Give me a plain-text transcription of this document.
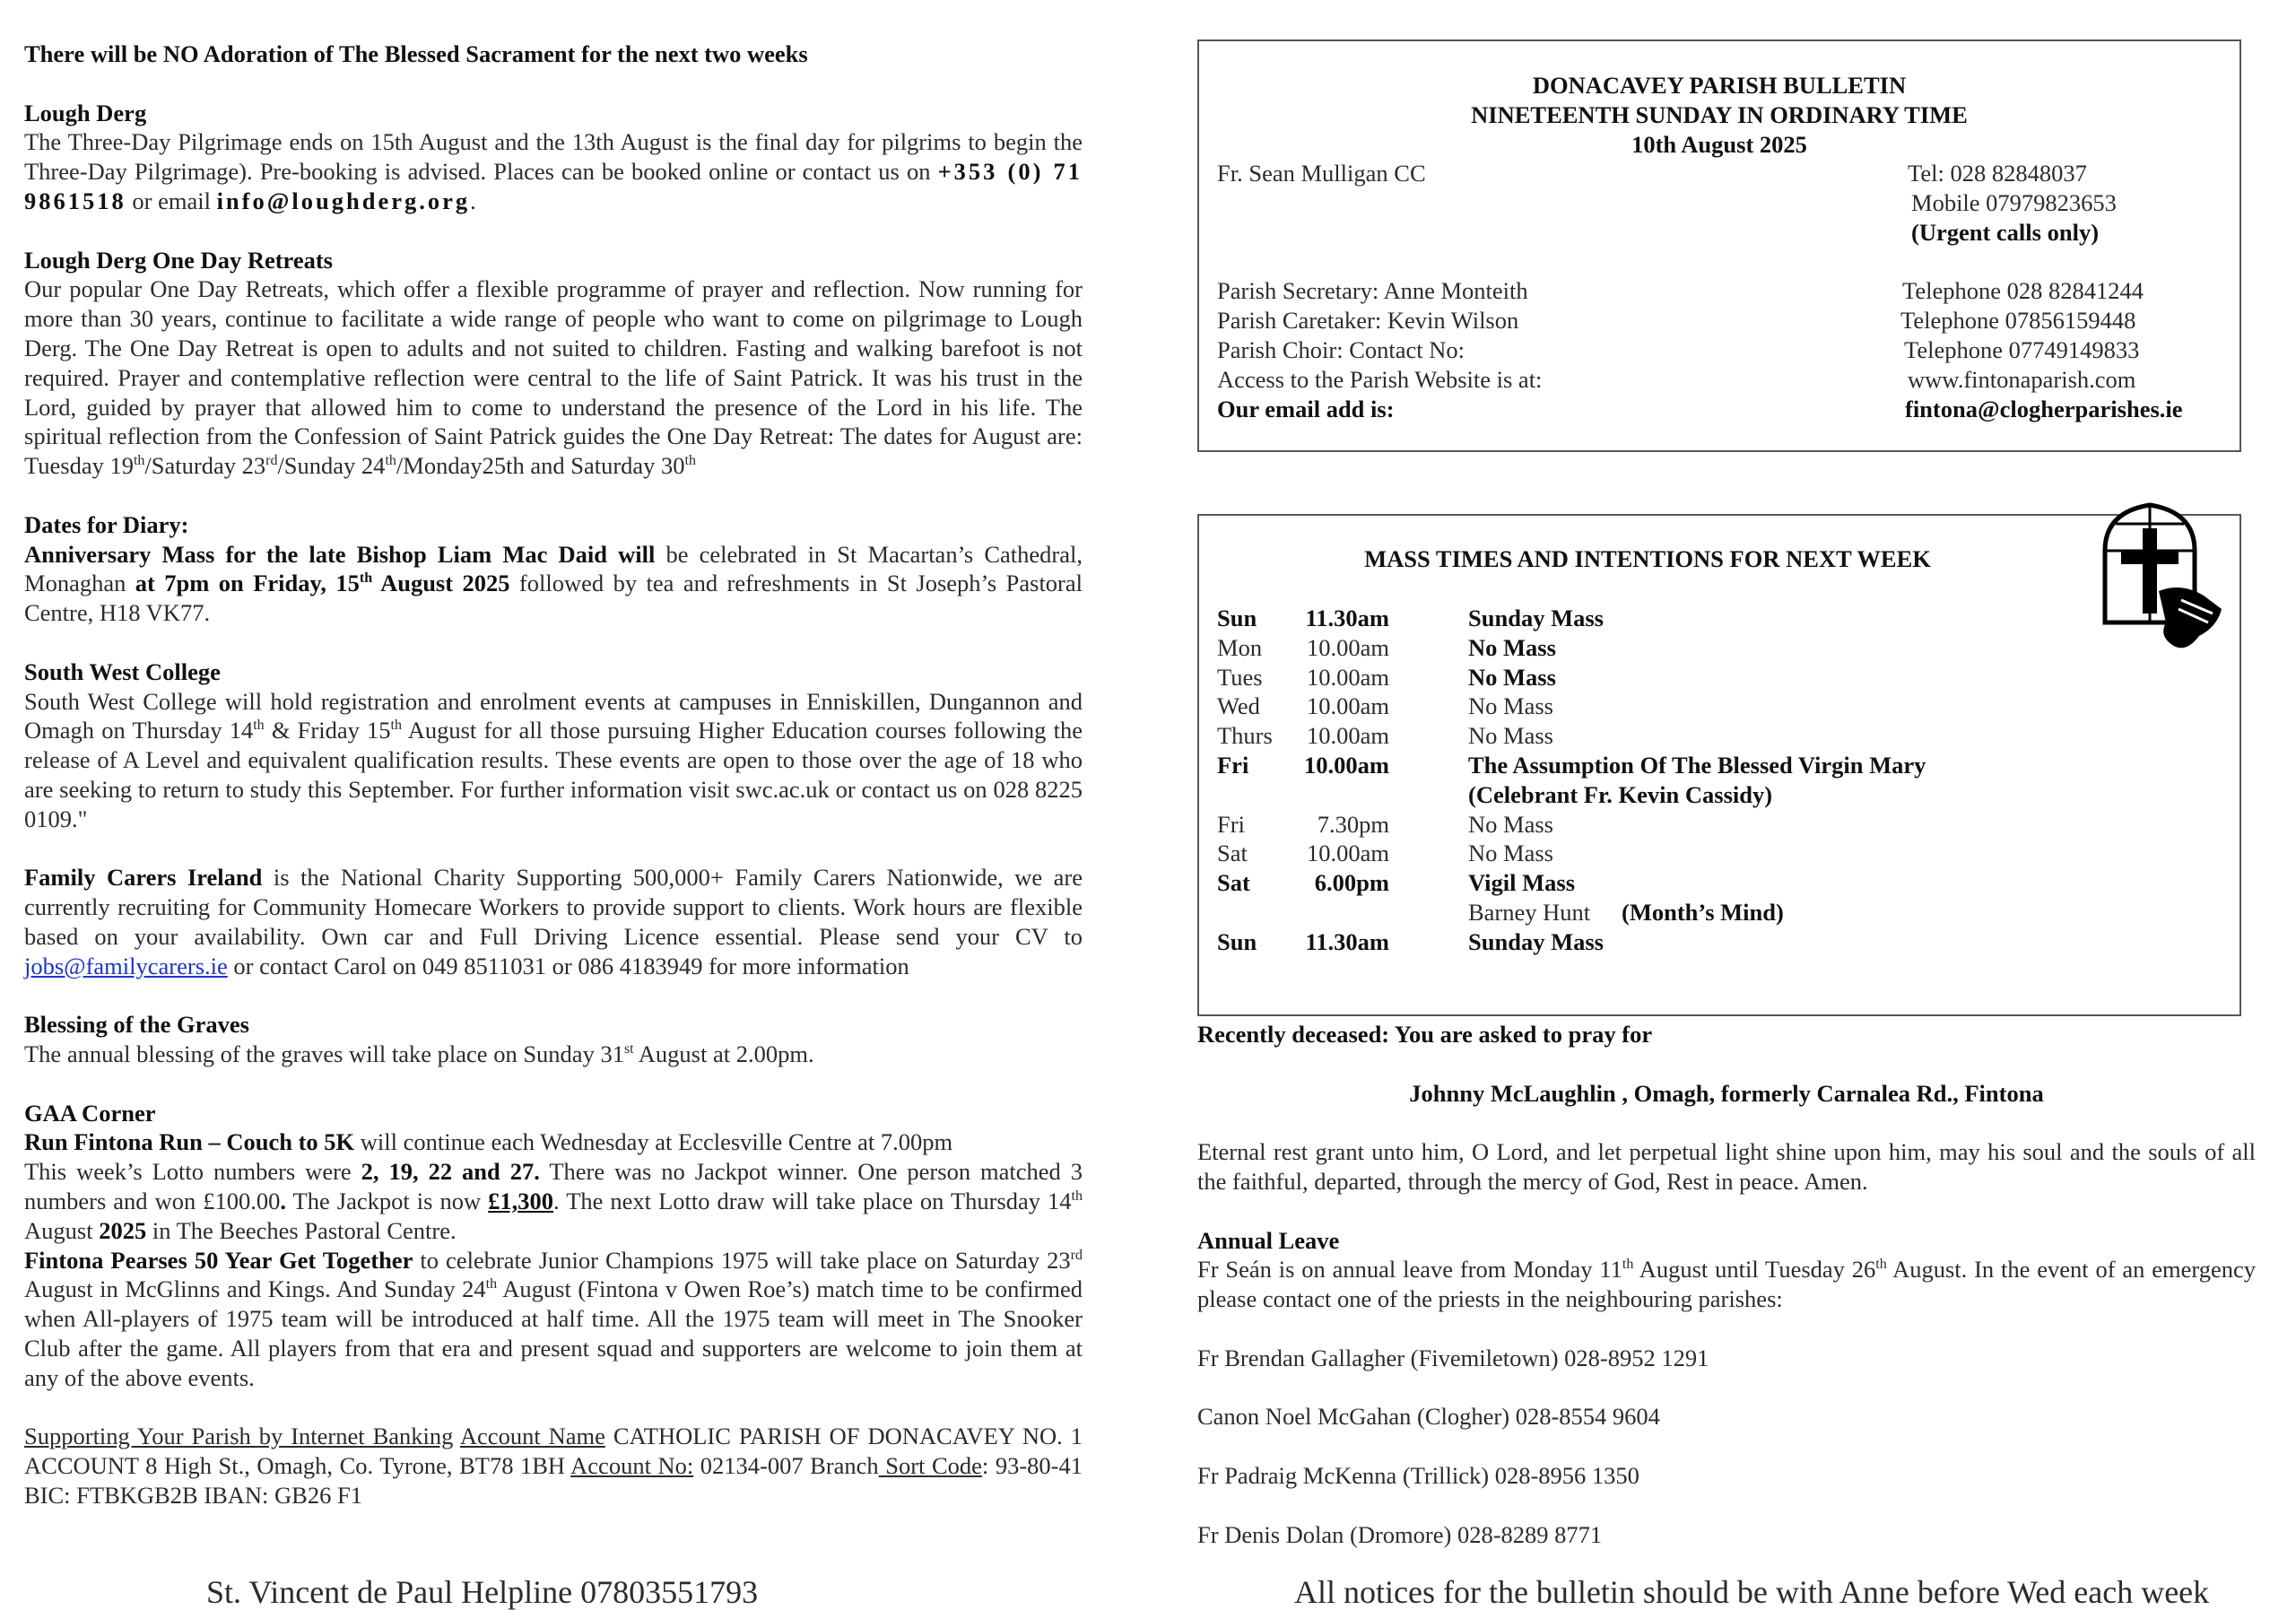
There will be NO Adoration of The Blessed Sacrament for the next two weeks

Lough Derg

The Three-Day Pilgrimage ends on 15th August and the 13th August is the final day for pilgrims to begin the Three-Day Pilgrimage). Pre-booking is advised. Places can be booked online or contact us on +353 (0) 71 9861518 or email info@loughderg.org.

Lough Derg One Day Retreats

Our popular One Day Retreats, which offer a flexible programme of prayer and reflection. Now running for more than 30 years, continue to facilitate a wide range of people who want to come on pilgrimage to Lough Derg. The One Day Retreat is open to adults and not suited to children. Fasting and walking barefoot is not required. Prayer and contemplative reflection were central to the life of Saint Patrick. It was his trust in the Lord, guided by prayer that allowed him to come to understand the presence of the Lord in his life. The spiritual reflection from the Confession of Saint Patrick guides the One Day Retreat: The dates for August are: Tuesday 19th/Saturday 23rd/Sunday 24th/Monday25th and Saturday 30th

Dates for Diary:

Anniversary Mass for the late Bishop Liam Mac Daid will be celebrated in St Macartan’s Cathedral, Monaghan at 7pm on Friday, 15th August 2025 followed by tea and refreshments in St Joseph’s Pastoral Centre, H18 VK77.

South West College

South West College will hold registration and enrolment events at campuses in Enniskillen, Dungannon and Omagh on Thursday 14th & Friday 15th August for all those pursuing Higher Education courses following the release of A Level and equivalent qualification results. These events are open to those over the age of 18 who are seeking to return to study this September. For further information visit swc.ac.uk or contact us on 028 8225 0109."

Family Carers Ireland is the National Charity Supporting 500,000+ Family Carers Nationwide, we are currently recruiting for Community Homecare Workers to provide support to clients. Work hours are flexible based on your availability. Own car and Full Driving Licence essential. Please send your CV to jobs@familycarers.ie or contact Carol on 049 8511031 or 086 4183949 for more information

Blessing of the Graves

The annual blessing of the graves will take place on Sunday 31st August at 2.00pm.

GAA Corner

Run Fintona Run – Couch to 5K will continue each Wednesday at Ecclesville Centre at 7.00pm

This week’s Lotto numbers were 2, 19, 22 and 27. There was no Jackpot winner. One person matched 3 numbers and won £100.00. The Jackpot is now £1,300. The next Lotto draw will take place on Thursday 14th August 2025 in The Beeches Pastoral Centre.

Fintona Pearses 50 Year Get Together to celebrate Junior Champions 1975 will take place on Saturday 23rd August in McGlinns and Kings. And Sunday 24th August (Fintona v Owen Roe’s) match time to be confirmed when All-players of 1975 team will be introduced at half time. All the 1975 team will meet in The Snooker Club after the game. All players from that era and present squad and supporters are welcome to join them at any of the above events.

Supporting Your Parish by Internet Banking Account Name CATHOLIC PARISH OF DONACAVEY NO. 1 ACCOUNT 8 High St., Omagh, Co. Tyrone, BT78 1BH Account No: 02134-007 Branch Sort Code: 93-80-41 BIC: FTBKGB2B IBAN: GB26 F1

St. Vincent de Paul Helpline 07803551793
DONACAVEY PARISH BULLETIN
NINETEENTH SUNDAY IN ORDINARY TIME
10th August 2025
Fr. Sean Mulligan CC	Tel: 028 82848037
Mobile 07979823653
(Urgent calls only)
Parish Secretary: Anne Monteith	Telephone 028 82841244
Parish Caretaker: Kevin Wilson	Telephone 07856159448
Parish Choir: Contact No:	Telephone 07749149833
Access to the Parish Website is at:	www.fintonaparish.com
Our email add is:	fintona@clogherparishes.ie
MASS TIMES AND INTENTIONS FOR NEXT WEEK
Sun	11.30am	Sunday Mass
Mon	10.00am	No Mass
Tues	10.00am	No Mass
Wed	10.00am	No Mass
Thurs	10.00am	No Mass
Fri	10.00am	The Assumption Of The Blessed Virgin Mary
(Celebrant Fr. Kevin Cassidy)
Fri	7.30pm	No Mass
Sat	10.00am	No Mass
Sat	6.00pm	Vigil Mass
Barney Hunt (Month’s Mind)
Sun	11.30am	Sunday Mass

Recently deceased: You are asked to pray for

Johnny McLaughlin , Omagh, formerly Carnalea Rd., Fintona

Eternal rest grant unto him, O Lord, and let perpetual light shine upon him, may his soul and the souls of all the faithful, departed, through the mercy of God, Rest in peace. Amen.

Annual Leave

Fr Seán is on annual leave from Monday 11th August until Tuesday 26th August. In the event of an emergency please contact one of the priests in the neighbouring parishes:

Fr Brendan Gallagher (Fivemiletown) 028-8952 1291

Canon Noel McGahan (Clogher) 028-8554 9604

Fr Padraig McKenna (Trillick) 028-8956 1350

Fr Denis Dolan (Dromore) 028-8289 8771

All notices for the bulletin should be with Anne before Wed each week
